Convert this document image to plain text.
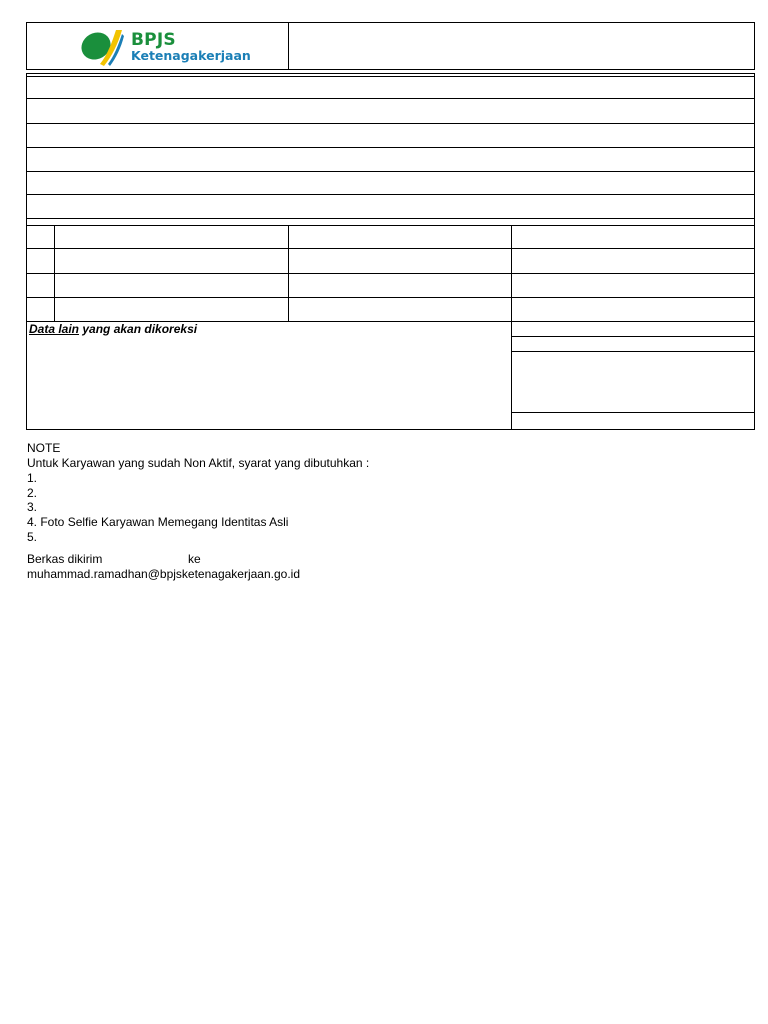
BPJS
Ketenagakerjaan
Data lain yang akan dikoreksi
NOTE
Untuk Karyawan yang sudah Non Aktif, syarat yang dibutuhkan :
1.
2.
3.
4. Foto Selfie Karyawan Memegang Identitas Asli
5.
Berkas dikirim	ke
muhammad.ramadhan@bpjsketenagakerjaan.go.id
